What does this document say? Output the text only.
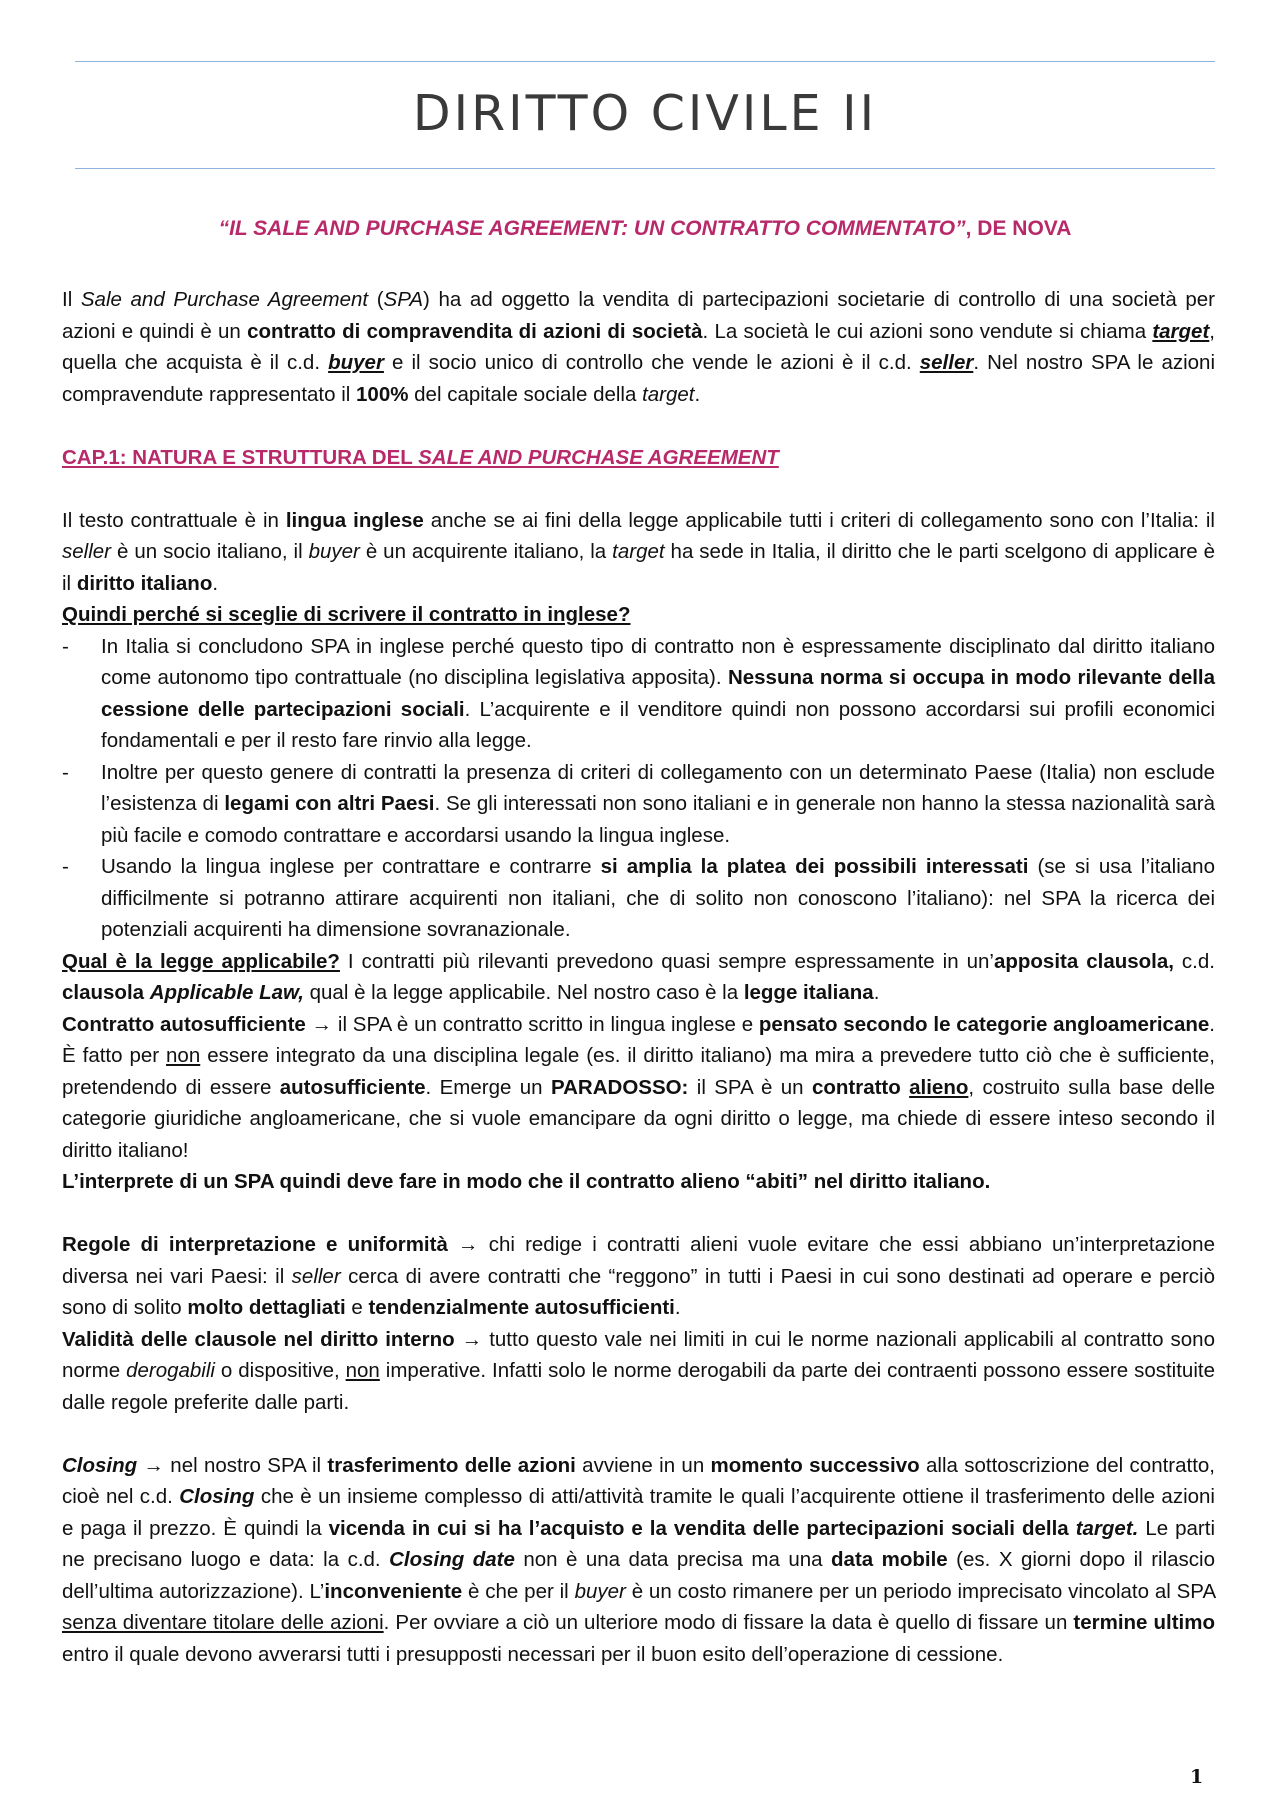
DIRITTO CIVILE II

“IL SALE AND PURCHASE AGREEMENT: UN CONTRATTO COMMENTATO”, DE NOVA

Il Sale and Purchase Agreement (SPA) ha ad oggetto la vendita di partecipazioni societarie di controllo di una società per azioni e quindi è un contratto di compravendita di azioni di società. La società le cui azioni sono vendute si chiama target, quella che acquista è il c.d. buyer e il socio unico di controllo che vende le azioni è il c.d. seller. Nel nostro SPA le azioni compravendute rappresentato il 100% del capitale sociale della target.

CAP.1: NATURA E STRUTTURA DEL SALE AND PURCHASE AGREEMENT

Il testo contrattuale è in lingua inglese anche se ai fini della legge applicabile tutti i criteri di collegamento sono con l’Italia: il seller è un socio italiano, il buyer è un acquirente italiano, la target ha sede in Italia, il diritto che le parti scelgono di applicare è il diritto italiano.

Quindi perché si sceglie di scrivere il contratto in inglese?

-	In Italia si concludono SPA in inglese perché questo tipo di contratto non è espressamente disciplinato dal diritto italiano come autonomo tipo contrattuale (no disciplina legislativa apposita). Nessuna norma si occupa in modo rilevante della cessione delle partecipazioni sociali. L’acquirente e il venditore quindi non possono accordarsi sui profili economici fondamentali e per il resto fare rinvio alla legge.

-	Inoltre per questo genere di contratti la presenza di criteri di collegamento con un determinato Paese (Italia) non esclude l’esistenza di legami con altri Paesi. Se gli interessati non sono italiani e in generale non hanno la stessa nazionalità sarà più facile e comodo contrattare e accordarsi usando la lingua inglese.

-	Usando la lingua inglese per contrattare e contrarre si amplia la platea dei possibili interessati (se si usa l’italiano difficilmente si potranno attirare acquirenti non italiani, che di solito non conoscono l’italiano): nel SPA la ricerca dei potenziali acquirenti ha dimensione sovranazionale.

Qual è la legge applicabile? I contratti più rilevanti prevedono quasi sempre espressamente in un’apposita clausola, c.d. clausola Applicable Law, qual è la legge applicabile. Nel nostro caso è la legge italiana.

Contratto autosufficiente → il SPA è un contratto scritto in lingua inglese e pensato secondo le categorie angloamericane. È fatto per non essere integrato da una disciplina legale (es. il diritto italiano) ma mira a prevedere tutto ciò che è sufficiente, pretendendo di essere autosufficiente. Emerge un PARADOSSO: il SPA è un contratto alieno, costruito sulla base delle categorie giuridiche angloamericane, che si vuole emancipare da ogni diritto o legge, ma chiede di essere inteso secondo il diritto italiano!

L’interprete di un SPA quindi deve fare in modo che il contratto alieno “abiti” nel diritto italiano.

Regole di interpretazione e uniformità → chi redige i contratti alieni vuole evitare che essi abbiano un’interpretazione diversa nei vari Paesi: il seller cerca di avere contratti che “reggono” in tutti i Paesi in cui sono destinati ad operare e perciò sono di solito molto dettagliati e tendenzialmente autosufficienti.

Validità delle clausole nel diritto interno → tutto questo vale nei limiti in cui le norme nazionali applicabili al contratto sono norme derogabili o dispositive, non imperative. Infatti solo le norme derogabili da parte dei contraenti possono essere sostituite dalle regole preferite dalle parti.

Closing → nel nostro SPA il trasferimento delle azioni avviene in un momento successivo alla sottoscrizione del contratto, cioè nel c.d. Closing che è un insieme complesso di atti/attività tramite le quali l’acquirente ottiene il trasferimento delle azioni e paga il prezzo. È quindi la vicenda in cui si ha l’acquisto e la vendita delle partecipazioni sociali della target. Le parti ne precisano luogo e data: la c.d. Closing date non è una data precisa ma una data mobile (es. X giorni dopo il rilascio dell’ultima autorizzazione). L’inconveniente è che per il buyer è un costo rimanere per un periodo imprecisato vincolato al SPA senza diventare titolare delle azioni. Per ovviare a ciò un ulteriore modo di fissare la data è quello di fissare un termine ultimo entro il quale devono avverarsi tutti i presupposti necessari per il buon esito dell’operazione di cessione.

1
